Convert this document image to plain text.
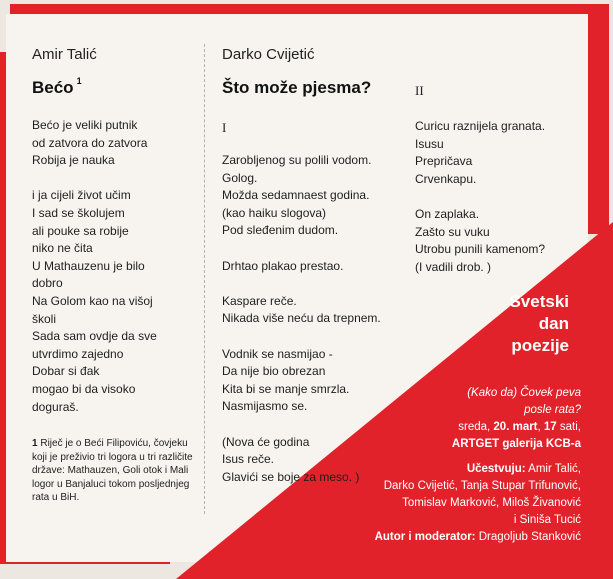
Amir Talić
Bećo $^1$
Bećo je veliki putnik
od zatvora do zatvora
Robija je nauka

i ja cijeli život učim
I sad se školujem
ali pouke sa robije
niko ne čita
U Mathauzenu je bilo
dobro
Na Golom kao na višoj
školi
Sada sam ovdje da sve
utvrdimo zajedno
Dobar si đak
mogao bi da visoko
doguraš.
1 Riječ je o Beći Filipoviću, čovjeku koji je preživio tri logora u tri različite države: Mathauzen, Goli otok i Mali logor u Banjaluci tokom posljednjeg rata u BiH.
Darko Cvijetić
Što može pjesma?
I
Zarobljenog su polili vodom.
Golog.
Možda sedamnaest godina.
(kao haiku slogova)
Pod sleđenim dudom.

Drhtao plakao prestao.

Kaspare reče.
Nikada više neću da trepnem.

Vodnik se nasmijao -
Da nije bio obrezan
Kita bi se manje smrzla.
Nasmijasmo se.

(Nova će godina
Isus reče.
Glavići se boje za meso. )
II
Curicu raznijela granata.
Isusu
Prepričava
Crvenkapu.

On zaplaka.
Zašto su vuku
Utrobu punili kamenom?
(I vadili drob. )
Svetski
dan
poezije
(Kako da) Čovek peva
posle rata?
sreda, 20. mart, 17 sati,
ARTGET galerija KCB-a
Učestvuju: Amir Talić,
Darko Cvijetić, Tanja Stupar Trifunović,
Tomislav Marković, Miloš Živanović
i Siniša Tucić
Autor i moderator: Dragoljub Stanković
